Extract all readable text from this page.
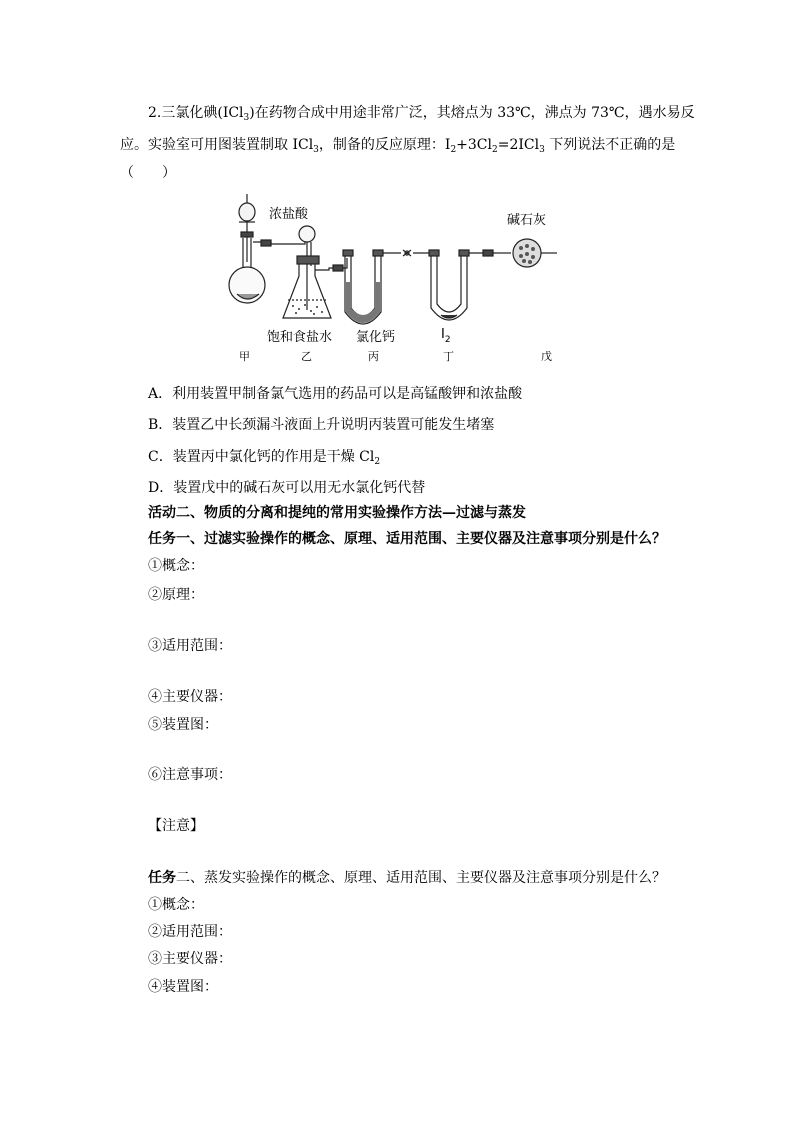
2.三氯化碘(ICl$_3$)在药物合成中用途非常广泛，其熔点为 33℃，沸点为 73℃，遇水易反
应。实验室可用图装置制取 ICl$_3$，制备的反应原理：$I_2+3Cl_2=2ICl_3$ 下列说法不正确的是
（　　）
浓盐酸
饱和食盐水 氯化钙
碱石灰
$I_2$
甲	乙	丙	丁	戊
A．利用装置甲制备氯气选用的药品可以是高锰酸钾和浓盐酸
B．装置乙中长颈漏斗液面上升说明丙装置可能发生堵塞
C．装置丙中氯化钙的作用是干燥 $Cl_2$
D．装置戊中的碱石灰可以用无水氯化钙代替
活动二、物质的分离和提纯的常用实验操作方法—过滤与蒸发
任务一、过滤实验操作的概念、原理、适用范围、主要仪器及注意事项分别是什么？
①概念：
②原理：
③适用范围：
④主要仪器：
⑤装置图：
⑥注意事项：
【注意】
任务二、蒸发实验操作的概念、原理、适用范围、主要仪器及注意事项分别是什么？
①概念：
②适用范围：
③主要仪器：
④装置图：
